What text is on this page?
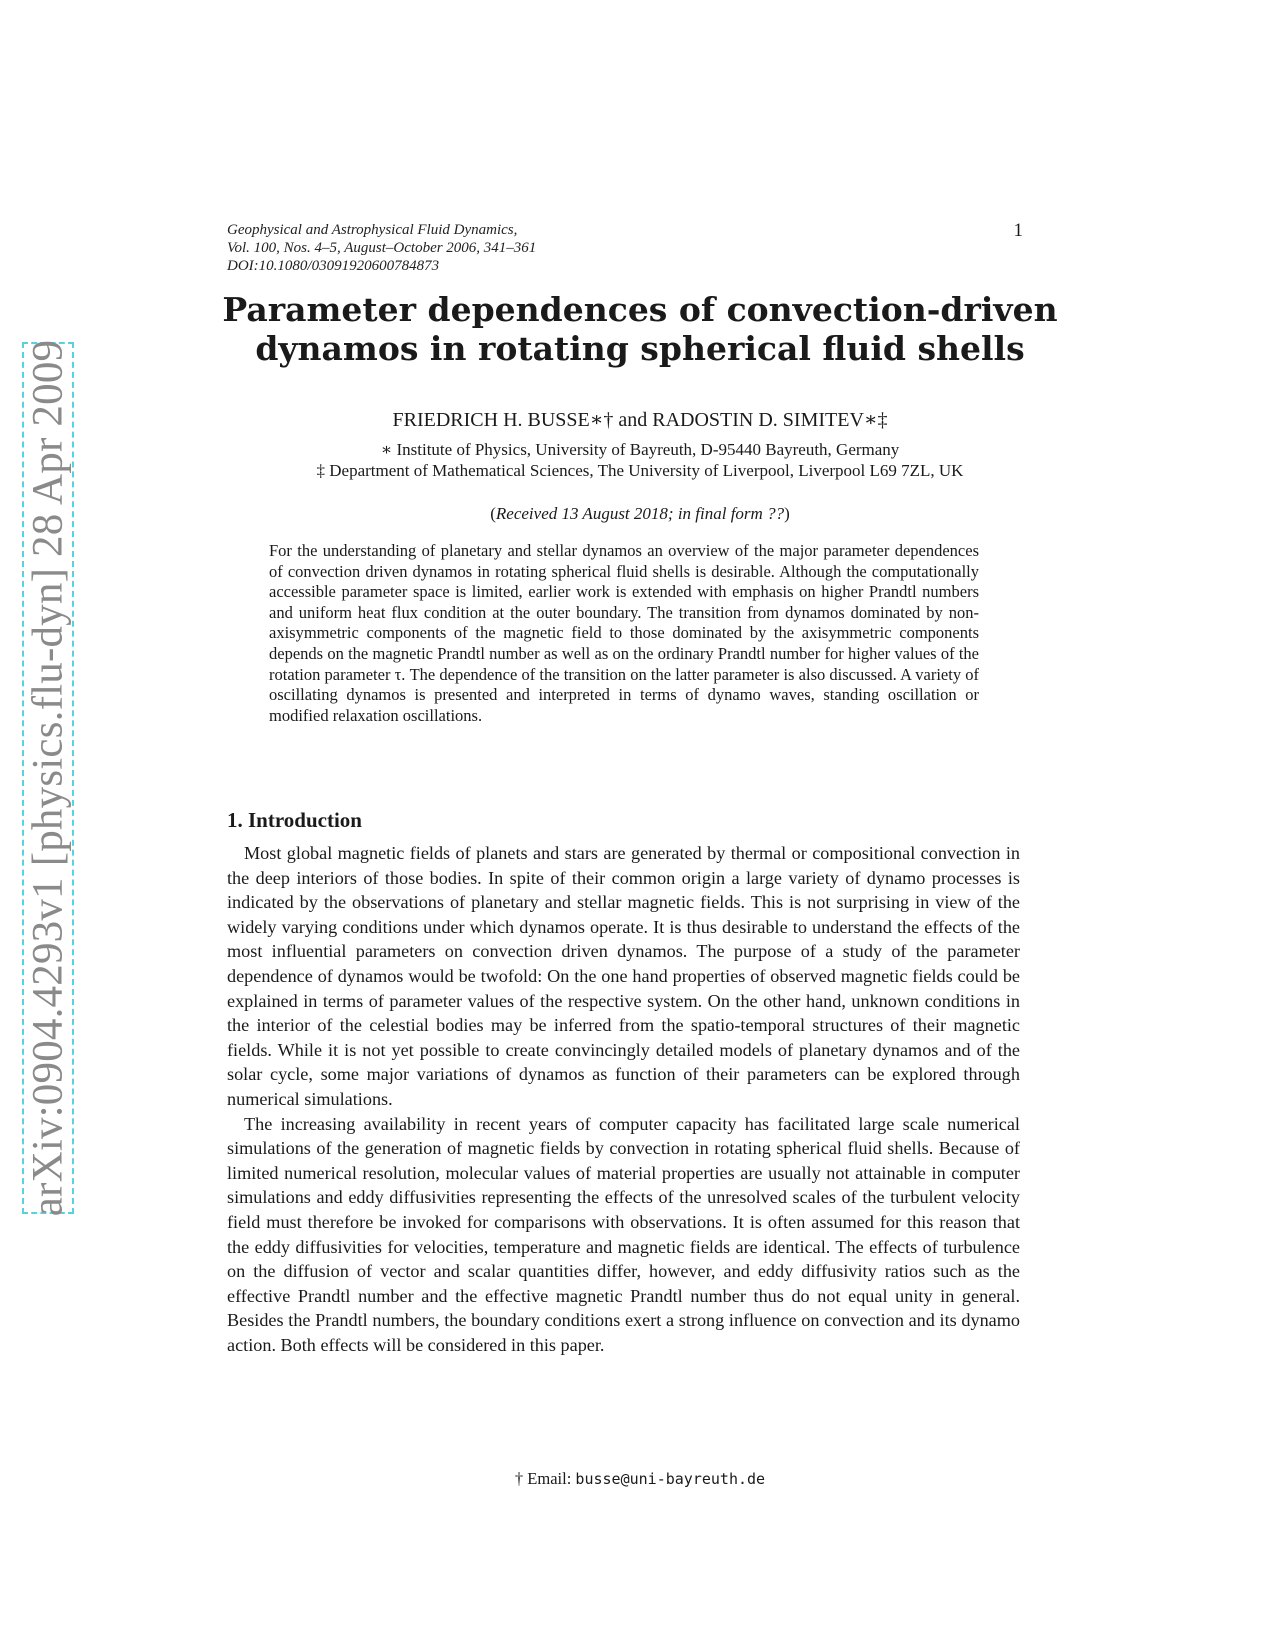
arXiv:0904.4293v1 [physics.flu-dyn] 28 Apr 2009
Geophysical and Astrophysical Fluid Dynamics,
Vol. 100, Nos. 4–5, August–October 2006, 341–361
DOI:10.1080/03091920600784873
1
Parameter dependences of convection-driven
dynamos in rotating spherical fluid shells
FRIEDRICH H. BUSSE∗† and RADOSTIN D. SIMITEV∗‡
∗ Institute of Physics, University of Bayreuth, D-95440 Bayreuth, Germany
‡ Department of Mathematical Sciences, The University of Liverpool, Liverpool L69 7ZL, UK
(Received 13 August 2018; in final form ??)

For the understanding of planetary and stellar dynamos an overview of the major parameter dependences of convection driven dynamos in rotating spherical fluid shells is desirable. Although the computationally accessible parameter space is limited, earlier work is extended with emphasis on higher Prandtl numbers and uniform heat flux condition at the outer boundary. The transition from dynamos dominated by non-axisymmetric components of the magnetic field to those dominated by the axisymmetric components depends on the magnetic Prandtl number as well as on the ordinary Prandtl number for higher values of the rotation parameter τ. The dependence of the transition on the latter parameter is also discussed. A variety of oscillating dynamos is presented and interpreted in terms of dynamo waves, standing oscillation or modified relaxation oscillations.

1. Introduction

Most global magnetic fields of planets and stars are generated by thermal or compositional convection in the deep interiors of those bodies. In spite of their common origin a large variety of dynamo processes is indicated by the observations of planetary and stellar magnetic fields. This is not surprising in view of the widely varying conditions under which dynamos operate. It is thus desirable to understand the effects of the most influential parameters on convection driven dynamos. The purpose of a study of the parameter dependence of dynamos would be twofold: On the one hand properties of observed magnetic fields could be explained in terms of parameter values of the respective system. On the other hand, unknown conditions in the interior of the celestial bodies may be inferred from the spatio-temporal structures of their magnetic fields. While it is not yet possible to create convincingly detailed models of planetary dynamos and of the solar cycle, some major variations of dynamos as function of their parameters can be explored through numerical simulations.

The increasing availability in recent years of computer capacity has facilitated large scale numerical simulations of the generation of magnetic fields by convection in rotating spherical fluid shells. Because of limited numerical resolution, molecular values of material properties are usually not attainable in computer simulations and eddy diffusivities representing the effects of the unresolved scales of the turbulent velocity field must therefore be invoked for comparisons with observations. It is often assumed for this reason that the eddy diffusivities for velocities, temperature and magnetic fields are identical. The effects of turbulence on the diffusion of vector and scalar quantities differ, however, and eddy diffusivity ratios such as the effective Prandtl number and the effective magnetic Prandtl number thus do not equal unity in general. Besides the Prandtl numbers, the boundary conditions exert a strong influence on convection and its dynamo action. Both effects will be considered in this paper.

† Email: busse@uni-bayreuth.de
